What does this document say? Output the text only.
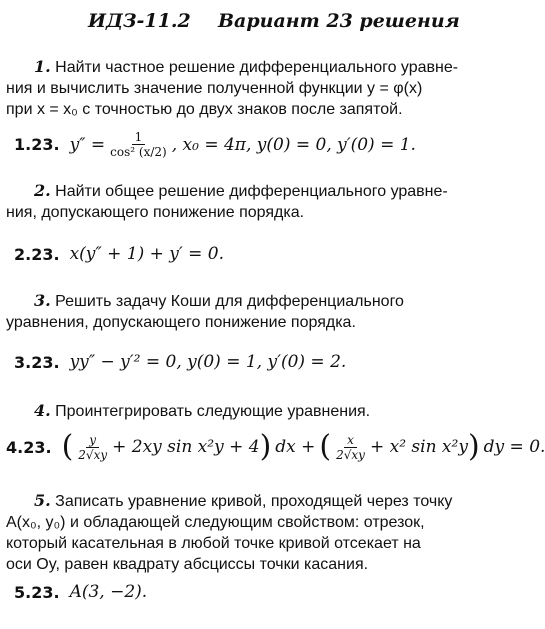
ИДЗ-11.2 Вариант 23 решения
1. Найти частное решение дифференциального уравне-
ния и вычислить значение полученной функции y = φ(x)
при x = x₀ с точностью до двух знаков после запятой.
1.23. $y'' = \frac{1}{\text{cos² (x/2)}}$ , x₀ = 4π, y(0) = 0, y′(0) = 1.
2. Найти общее решение дифференциального уравне-
ния, допускающего понижение порядка.
2.23. x(y″ + 1) + y′ = 0.
3. Решить задачу Коши для дифференциального
уравнения, допускающего понижение порядка.
3.23. yy″ − y′² = 0, y(0) = 1, y′(0) = 2.
4. Проинтегрировать следующие уравнения.
4.23. ( $\frac{y}{2√xy} + 2xy$ sin x²y + 4 ) dx + ( $\frac{x}{2√xy} + x^2$ sin x²y ) dy = 0.
5. Записать уравнение кривой, проходящей через точку
A(x₀, y₀) и обладающей следующим свойством: отрезок,
который касательная в любой точке кривой отсекает на
оси Oy, равен квадрату абсциссы точки касания.
5.23. A(3, −2).
